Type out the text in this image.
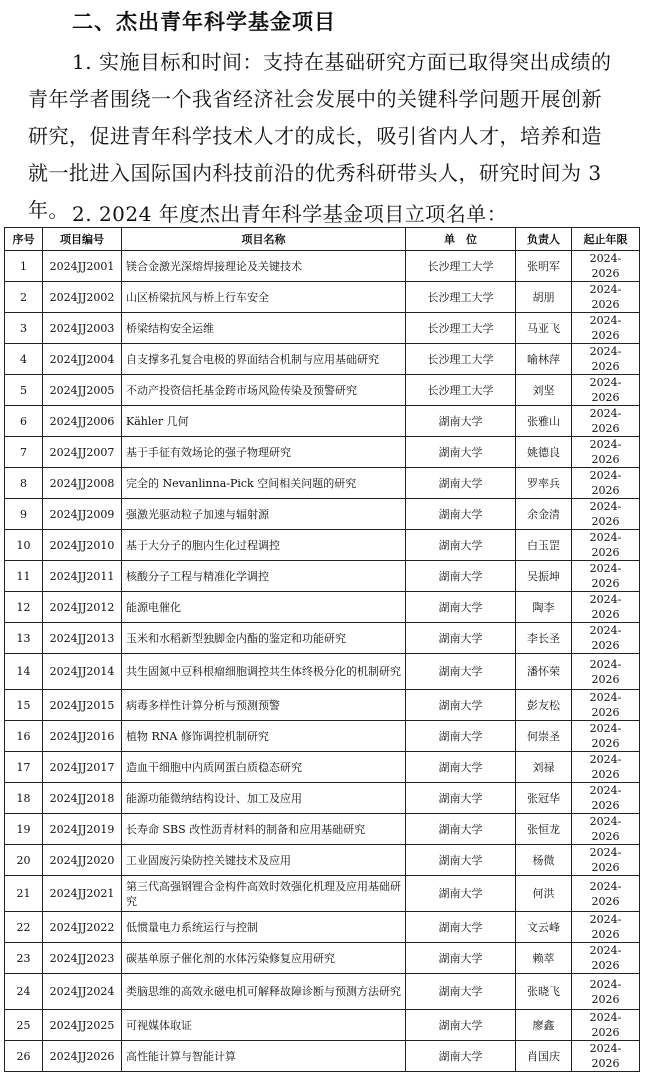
二、杰出青年科学基金项目
1. 实施目标和时间：支持在基础研究方面已取得突出成绩的青年学者围绕一个我省经济社会发展中的关键科学问题开展创新研究，促进青年科学技术人才的成长，吸引省内人才，培养和造就一批进入国际国内科技前沿的优秀科研带头人，研究时间为 3 年。 2. 2024 年度杰出青年科学基金项目立项名单：
序号	项目编号	项目名称	单　位	负责人	起止年限
1	2024JJ2001	镁合金激光深熔焊接理论及关键技术	长沙理工大学	张明军	2024-2026
2	2024JJ2002	山区桥梁抗风与桥上行车安全	长沙理工大学	胡朋	2024-2026
3	2024JJ2003	桥梁结构安全运维	长沙理工大学	马亚飞	2024-2026
4	2024JJ2004	自支撑多孔复合电极的界面结合机制与应用基础研究	长沙理工大学	喻林萍	2024-2026
5	2024JJ2005	不动产投资信托基金跨市场风险传染及预警研究	长沙理工大学	刘坚	2024-2026
6	2024JJ2006	Kähler 几何	湖南大学	张雅山	2024-2026
7	2024JJ2007	基于手征有效场论的强子物理研究	湖南大学	姚德良	2024-2026
8	2024JJ2008	完全的 Nevanlinna-Pick 空间相关问题的研究	湖南大学	罗率兵	2024-2026
9	2024JJ2009	强激光驱动粒子加速与辐射源	湖南大学	余金清	2024-2026
10	2024JJ2010	基于大分子的胞内生化过程调控	湖南大学	白玉罡	2024-2026
11	2024JJ2011	核酸分子工程与精准化学调控	湖南大学	吴振坤	2024-2026
12	2024JJ2012	能源电催化	湖南大学	陶李	2024-2026
13	2024JJ2013	玉米和水稻新型独脚金内酯的鉴定和功能研究	湖南大学	李长圣	2024-2026
14	2024JJ2014	共生固氮中豆科根瘤细胞调控共生体终极分化的机制研究	湖南大学	潘怀荣	2024-2026
15	2024JJ2015	病毒多样性计算分析与预测预警	湖南大学	彭友松	2024-2026
16	2024JJ2016	植物 RNA 修饰调控机制研究	湖南大学	何崇圣	2024-2026
17	2024JJ2017	造血干细胞中内质网蛋白质稳态研究	湖南大学	刘禄	2024-2026
18	2024JJ2018	能源功能微纳结构设计、加工及应用	湖南大学	张冠华	2024-2026
19	2024JJ2019	长寿命 SBS 改性沥青材料的制备和应用基础研究	湖南大学	张恒龙	2024-2026
20	2024JJ2020	工业固废污染防控关键技术及应用	湖南大学	杨微	2024-2026
21	2024JJ2021	第三代高强钢锂合金构件高效时效强化机理及应用基础研究	湖南大学	何洪	2024-2026
22	2024JJ2022	低惯量电力系统运行与控制	湖南大学	文云峰	2024-2026
23	2024JJ2023	碳基单原子催化剂的水体污染修复应用研究	湖南大学	赖萃	2024-2026
24	2024JJ2024	类脑思维的高效永磁电机可解释故障诊断与预测方法研究	湖南大学	张晓飞	2024-2026
25	2024JJ2025	可视媒体取证	湖南大学	廖鑫	2024-2026
26	2024JJ2026	高性能计算与智能计算	湖南大学	肖国庆	2024-2026
